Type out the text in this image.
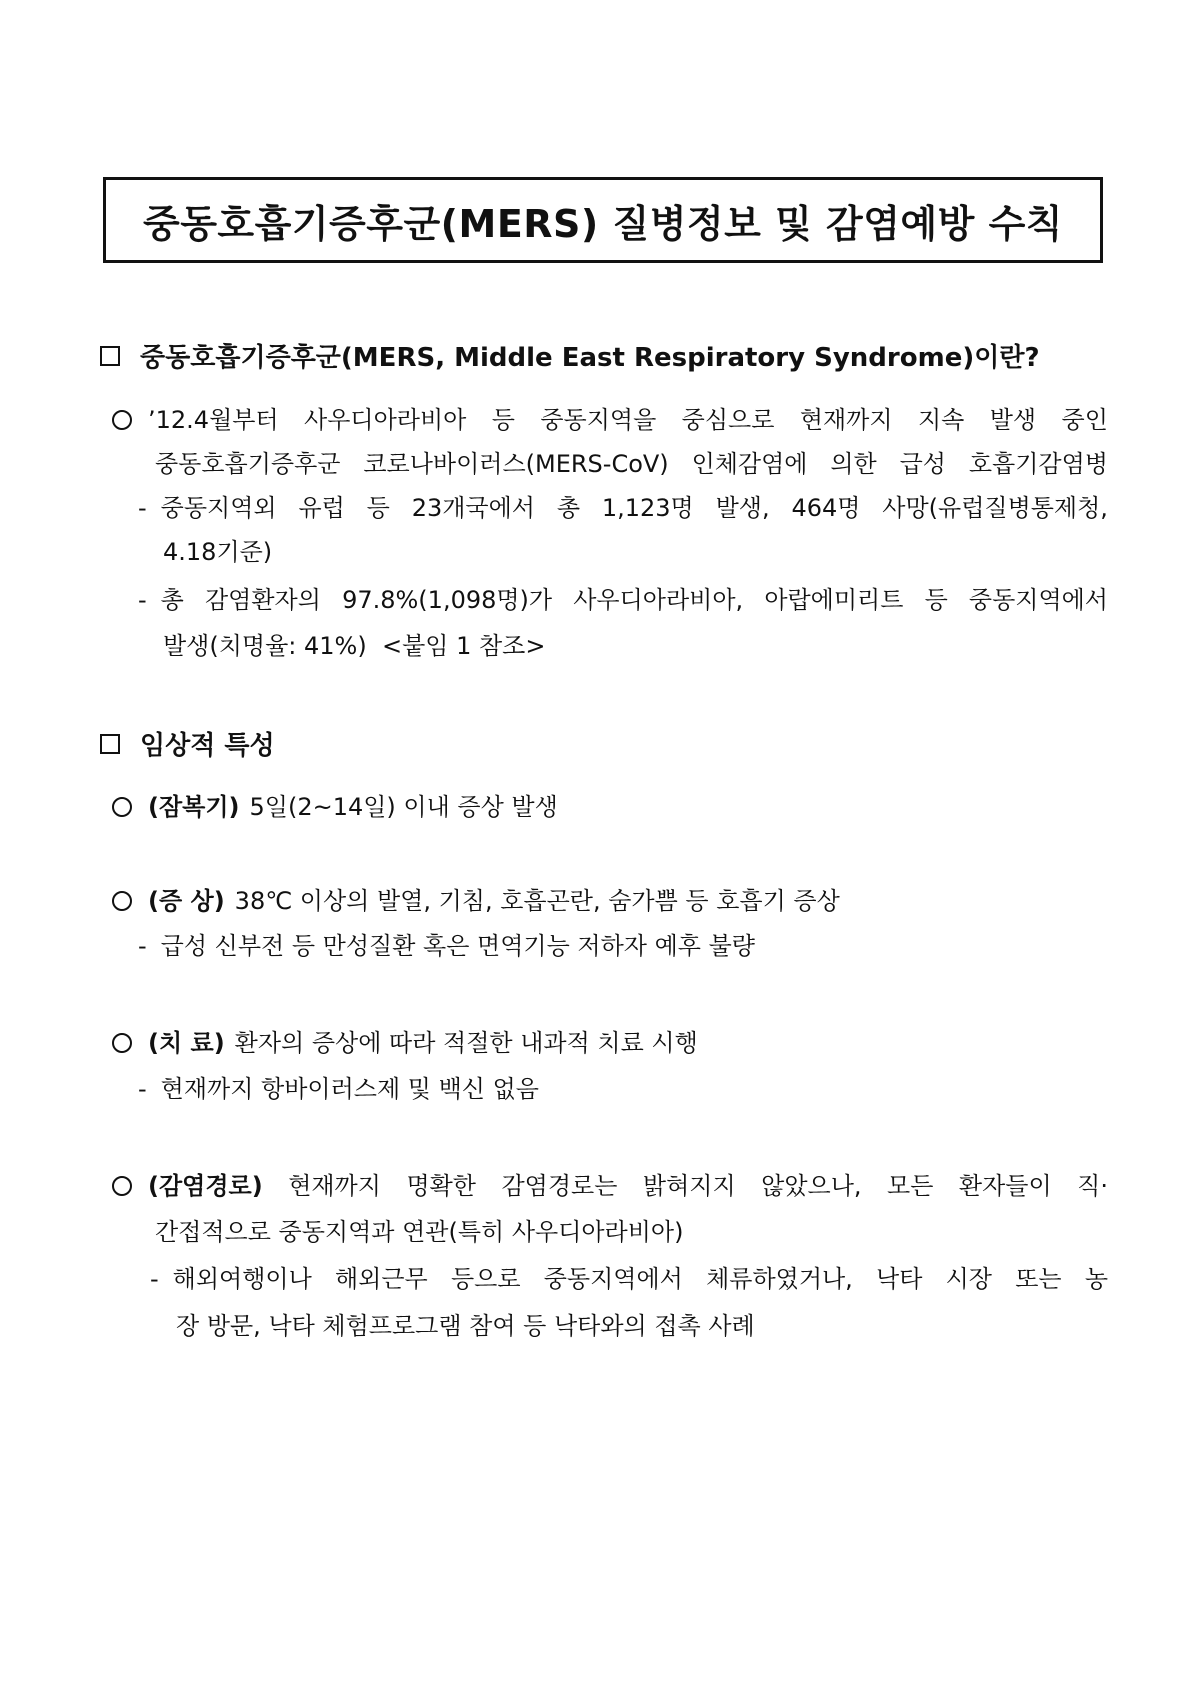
중동호흡기증후군(MERS) 질병정보 및 감염예방 수칙
중동호흡기증후군(MERS, Middle East Respiratory Syndrome)이란?
’12.4월부터 사우디아라비아 등 중동지역을 중심으로 현재까지 지속 발생 중인
중동호흡기증후군 코로나바이러스(MERS-CoV) 인체감염에 의한 급성 호흡기감염병
- 중동지역외 유럽 등 23개국에서 총 1,123명 발생, 464명 사망(유럽질병통제청,
4.18기준)
- 총 감염환자의 97.8%(1,098명)가 사우디아라비아, 아랍에미리트 등 중동지역에서
발생(치명율: 41%)  <붙임 1 참조>
임상적 특성
(잠복기) 5일(2~14일) 이내 증상 발생
(증 상) 38℃ 이상의 발열, 기침, 호흡곤란, 숨가쁨 등 호흡기 증상
- 급성 신부전 등 만성질환 혹은 면역기능 저하자 예후 불량
(치 료) 환자의 증상에 따라 적절한 내과적 치료 시행
- 현재까지 항바이러스제 및 백신 없음
(감염경로) 현재까지 명확한 감염경로는 밝혀지지 않았으나, 모든 환자들이 직·
간접적으로 중동지역과 연관(특히 사우디아라비아)
- 해외여행이나 해외근무 등으로 중동지역에서 체류하였거나, 낙타 시장 또는 농
장 방문, 낙타 체험프로그램 참여 등 낙타와의 접촉 사례
